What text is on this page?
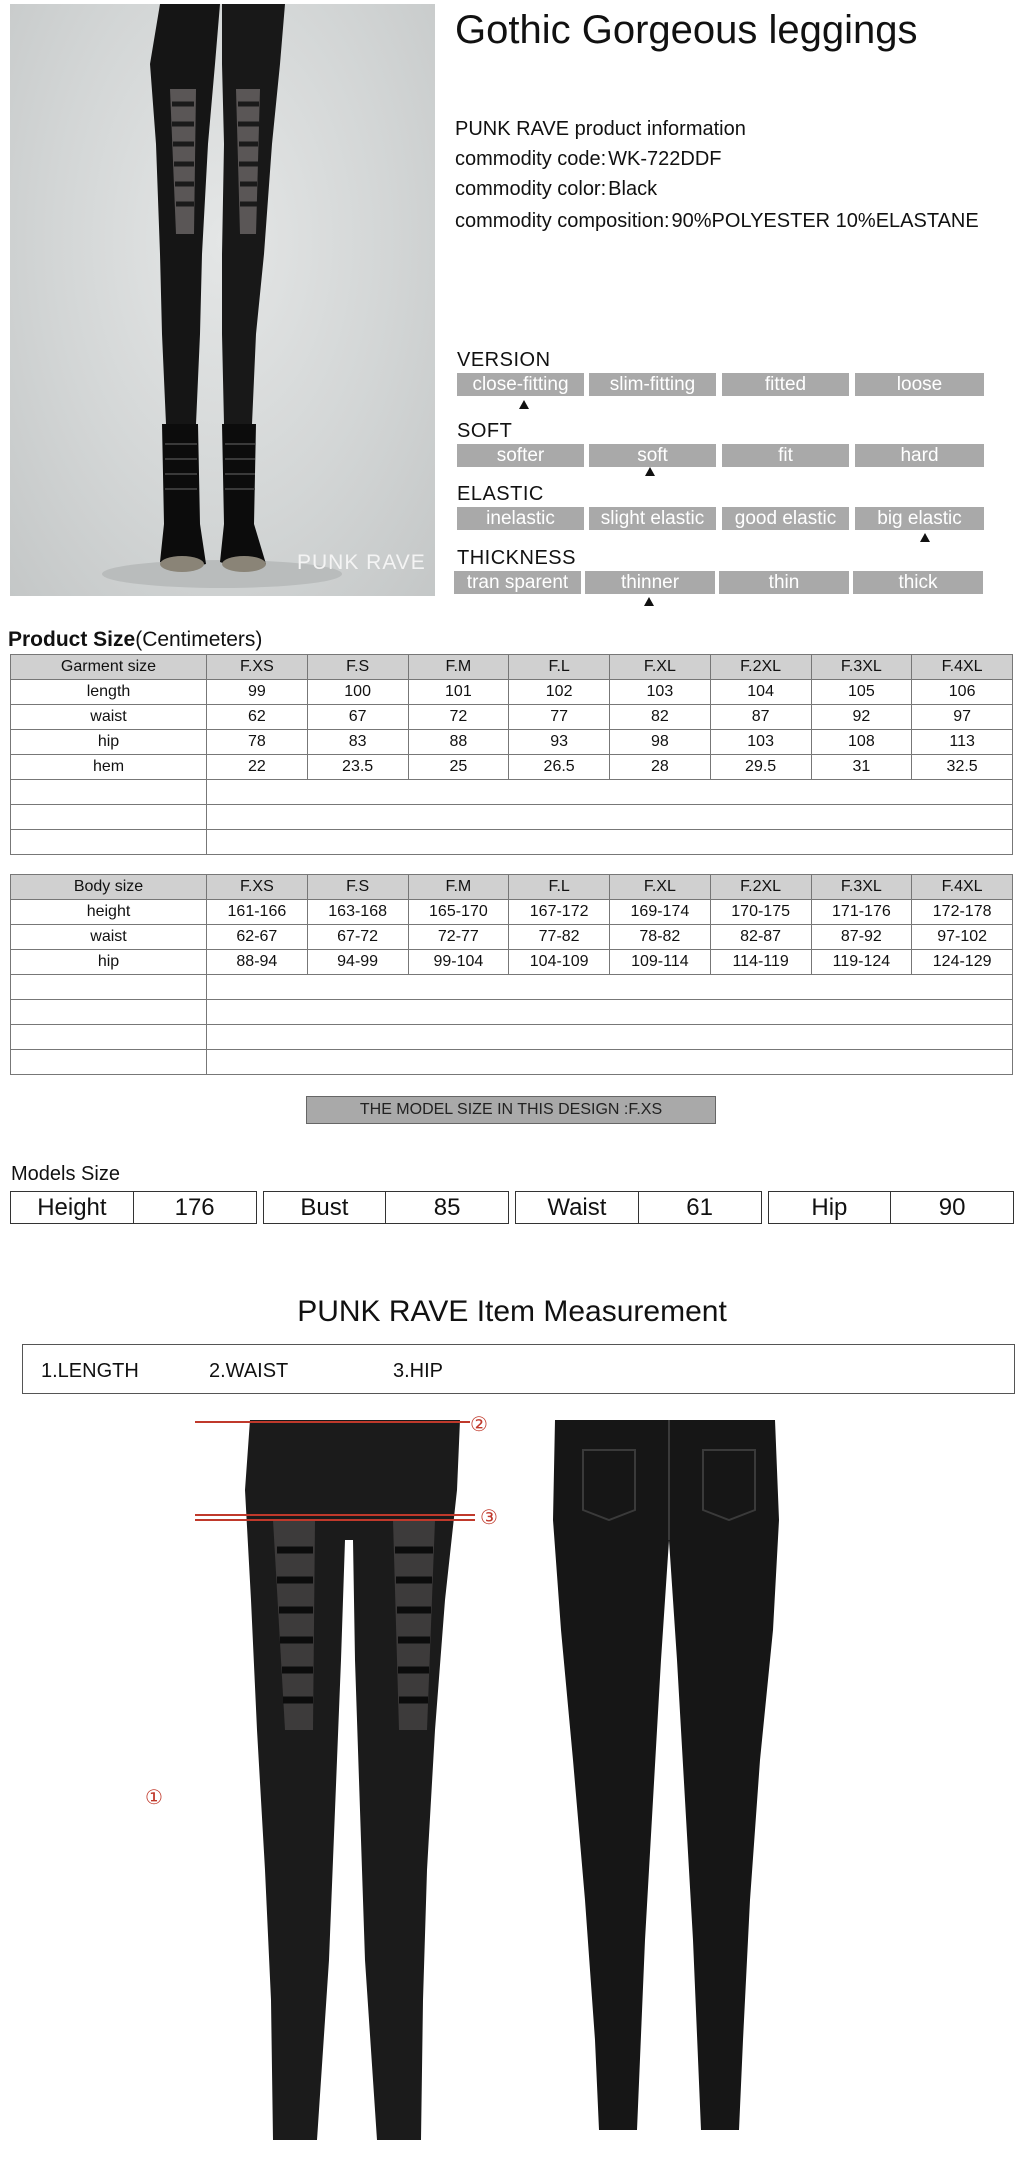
PUNK RAVE
Gothic Gorgeous leggings
PUNK RAVE product information
commodity code: WK-722DDF
commodity color: Black
commodity composition: 90%POLYESTER 10%ELASTANE
VERSION
close-fitting	slim-fitting	fitted	loose
SOFT
softer	soft	fit	hard
ELASTIC
inelastic	slight elastic	good elastic	big elastic
THICKNESS
tran sparent	thinner	thin	thick
Product Size(Centimeters)
Garment size	F.XS	F.S	F.M	F.L	F.XL	F.2XL	F.3XL	F.4XL
length	99	100	101	102	103	104	105	106
waist	62	67	72	77	82	87	92	97
hip	78	83	88	93	98	103	108	113
hem	22	23.5	25	26.5	28	29.5	31	32.5

Body size	F.XS	F.S	F.M	F.L	F.XL	F.2XL	F.3XL	F.4XL
height	161-166	163-168	165-170	167-172	169-174	170-175	171-176	172-178
waist	62-67	67-72	72-77	77-82	78-82	82-87	87-92	97-102
hip	88-94	94-99	99-104	104-109	109-114	114-119	119-124	124-129

THE MODEL SIZE IN THIS DESIGN :F.XS
Models Size
Height	176		Bust	85		Waist	61		Hip	90
PUNK RAVE Item Measurement
1.LENGTH	2.WAIST	3.HIP
①
②
③
